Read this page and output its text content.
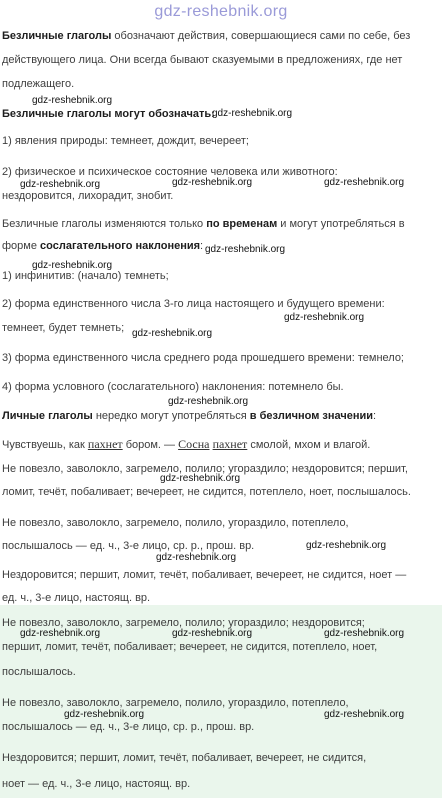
gdz-reshebnik.org
Безличные глаголы обозначают действия, совершающиеся сами по себе, без
действующего лица. Они всегда бывают сказуемыми в предложениях, где нет
подлежащего.
Безличные глаголы могут обозначать:
1) явления природы: темнеет, дождит, вечереет;
2) физическое и психическое состояние человека или животного:
нездоровится, лихорадит, знобит.
Безличные глаголы изменяются только по временам и могут употребляться в
форме сослагательного наклонения:
1) инфинитив: (начало) темнеть;
2) форма единственного числа 3-го лица настоящего и будущего времени:
темнеет, будет темнеть;
3) форма единственного числа среднего рода прошедшего времени: темнело;
4) форма условного (сослагательного) наклонения: потемнело бы.
Личные глаголы нередко могут употребляться в безличном значении:
Чувствуешь, как пахнет бором. — Сосна пахнет смолой, мхом и влагой.
Не повезло, заволокло, загремело, полило; угораздило; нездоровится; першит,
ломит, течёт, побаливает; вечереет, не сидится, потеплело, ноет, послышалось.
Не повезло, заволокло, загремело, полило, угораздило, потеплело,
послышалось — ед. ч., 3-е лицо, ср. р., прош. вр.
Нездоровится; першит, ломит, течёт, побаливает, вечереет, не сидится, ноет —
ед. ч., 3-е лицо, настоящ. вр.
Не повезло, заволокло, загремело, полило; угораздило; нездоровится;
першит, ломит, течёт, побаливает; вечереет, не сидится, потеплело, ноет,
послышалось.
Не повезло, заволокло, загремело, полило, угораздило, потеплело,
послышалось — ед. ч., 3-е лицо, ср. р., прош. вр.
Нездоровится; першит, ломит, течёт, побаливает, вечереет, не сидится,
ноет — ед. ч., 3-е лицо, настоящ. вр.
gdz-reshebnik.org
gdz-reshebnik.org
gdz-reshebnik.org	gdz-reshebnik.org	gdz-reshebnik.org
gdz-reshebnik.org
gdz-reshebnik.org
gdz-reshebnik.org
gdz-reshebnik.org
gdz-reshebnik.org
gdz-reshebnik.org
gdz-reshebnik.org
gdz-reshebnik.org
gdz-reshebnik.org	gdz-reshebnik.org	gdz-reshebnik.org
gdz-reshebnik.org	gdz-reshebnik.org
